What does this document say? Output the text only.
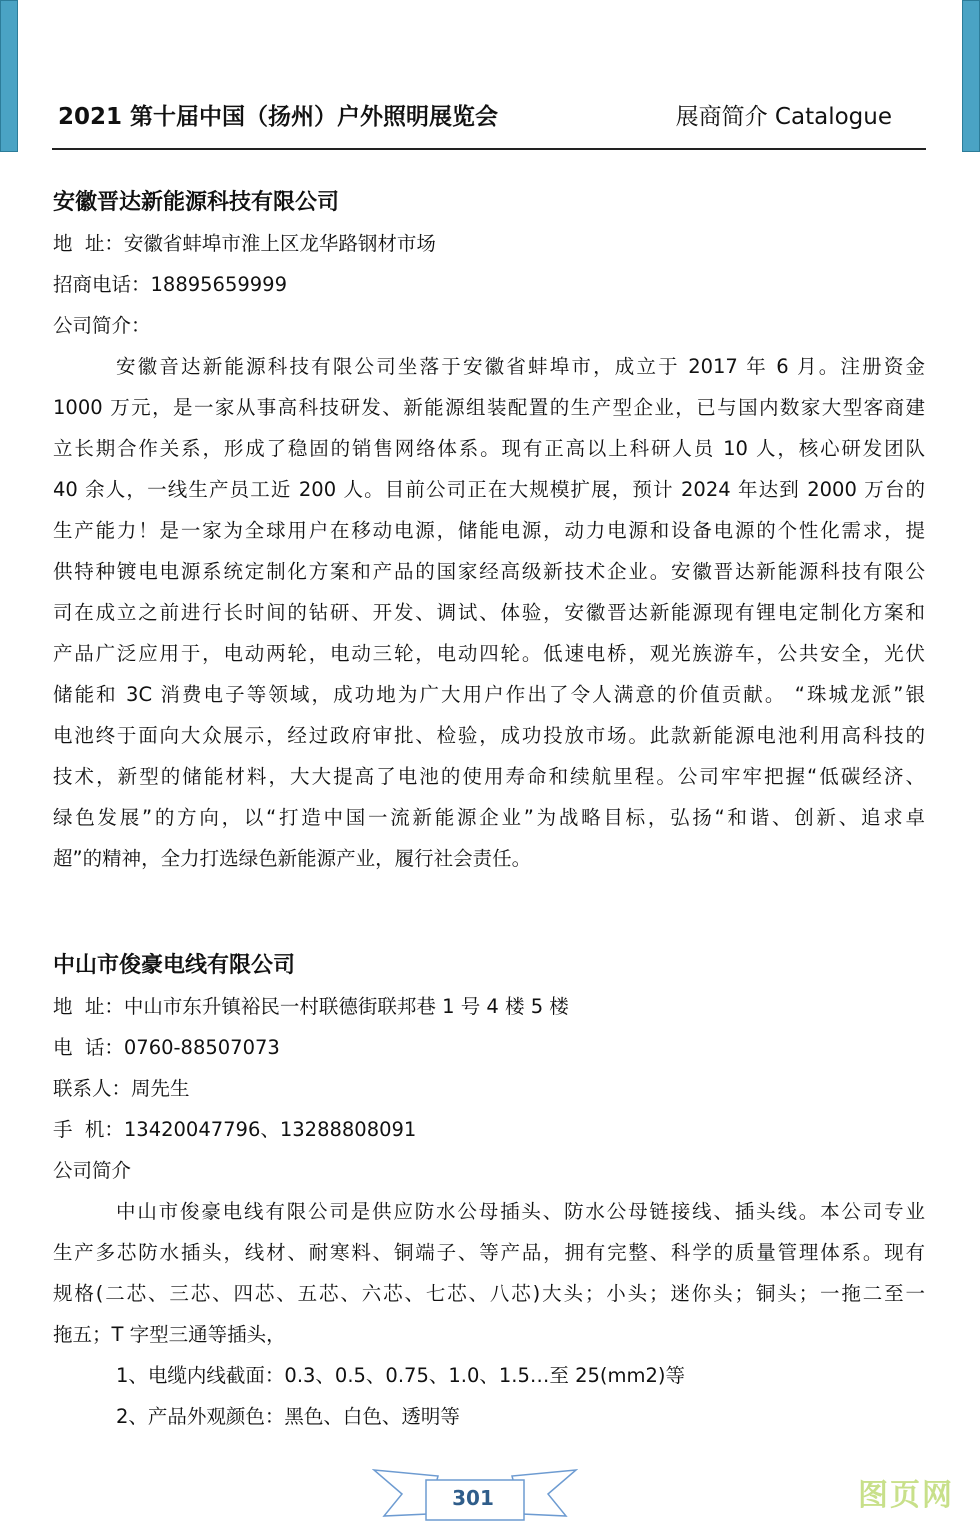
2021 第十届中国（扬州）户外照明展览会	展商简介 Catalogue
安徽晋达新能源科技有限公司
地  址：安徽省蚌埠市淮上区龙华路钢材市场
招商电话：18895659999
公司简介：
安徽音达新能源科技有限公司坐落于安徽省蚌埠市，成立于 2017 年 6 月。注册资金
1000 万元，是一家从事高科技研发、新能源组装配置的生产型企业，已与国内数家大型客商建
立长期合作关系，形成了稳固的销售网络体系。现有正高以上科研人员 10 人，核心研发团队
40 余人，一线生产员工近 200 人。目前公司正在大规模扩展，预计 2024 年达到 2000 万台的
生产能力！是一家为全球用户在移动电源，储能电源，动力电源和设备电源的个性化需求，提
供特种镀电电源系统定制化方案和产品的国家经高级新技术企业。安徽晋达新能源科技有限公
司在成立之前进行长时间的钻研、开发、调试、体验，安徽晋达新能源现有锂电定制化方案和
产品广泛应用于，电动两轮，电动三轮，电动四轮。低速电桥，观光族游车，公共安全，光伏
储能和 3C 消费电子等领域，成功地为广大用户作出了令人满意的价值贡献。 “珠城龙派”银
电池终于面向大众展示，经过政府审批、检验，成功投放市场。此款新能源电池利用高科技的
技术，新型的储能材料，大大提高了电池的使用寿命和续航里程。公司牢牢把握“低碳经济、
绿色发展”的方向，以“打造中国一流新能源企业”为战略目标，弘扬“和谐、创新、追求卓
超”的精神，全力打选绿色新能源产业，履行社会责任。
中山市俊豪电线有限公司
地  址：中山市东升镇裕民一村联德街联邦巷 1 号 4 楼 5 楼
电  话：0760-88507073
联系人：周先生
手  机：13420047796、13288808091
公司简介
中山市俊豪电线有限公司是供应防水公母插头、防水公母链接线、插头线。本公司专业
生产多芯防水插头，线材、耐寒料、铜端子、等产品，拥有完整、科学的质量管理体系。现有
规格(二芯、三芯、四芯、五芯、六芯、七芯、八芯)大头；小头；迷你头；铜头；一拖二至一
拖五；T 字型三通等插头，
1、电缆内线截面：0.3、0.5、0.75、1.0、1.5…至 25(mm2)等
2、产品外观颜色：黑色、白色、透明等
301	图页网
